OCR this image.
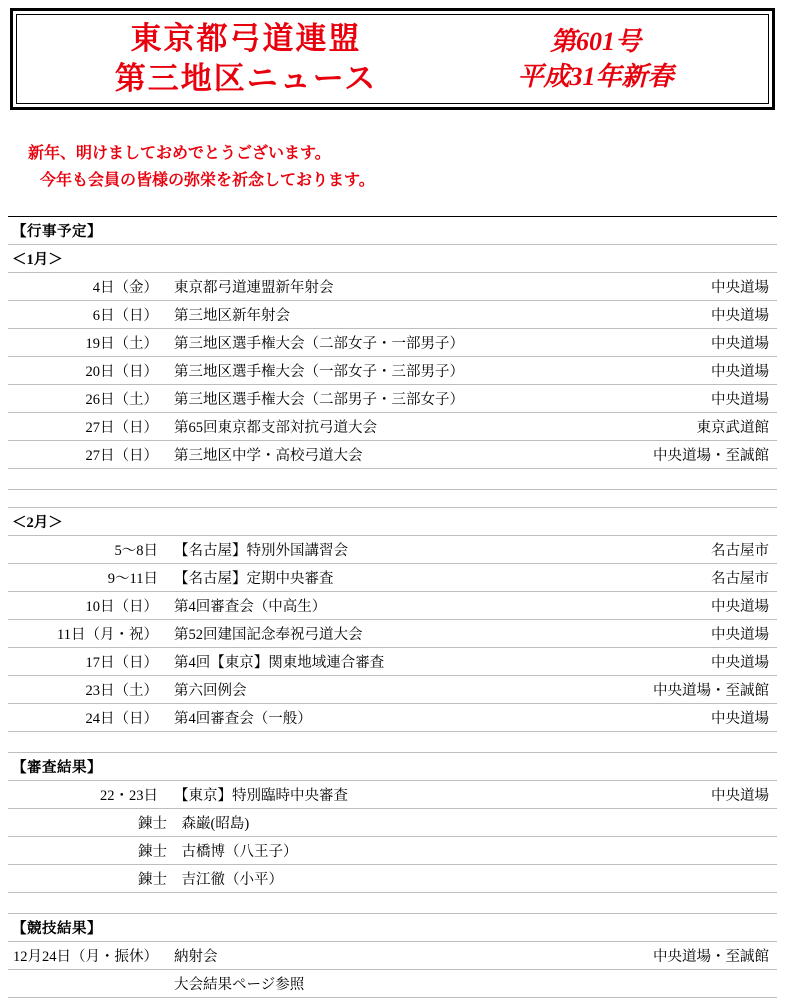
東京都弓道連盟
第三地区ニュース
第601号
平成31年新春
新年、明けましておめでとうございます。
今年も会員の皆様の弥栄を祈念しております。
【行事予定】
＜1月＞
4日（金）	東京都弓道連盟新年射会	中央道場
6日（日）	第三地区新年射会	中央道場
19日（土）	第三地区選手権大会（二部女子・一部男子）	中央道場
20日（日）	第三地区選手権大会（一部女子・三部男子）	中央道場
26日（土）	第三地区選手権大会（二部男子・三部女子）	中央道場
27日（日）	第65回東京都支部対抗弓道大会	東京武道館
27日（日）	第三地区中学・高校弓道大会	中央道場・至誠館
＜2月＞
5〜8日	【名古屋】特別外国講習会	名古屋市
9〜11日	【名古屋】定期中央審査	名古屋市
10日（日）	第4回審査会（中高生）	中央道場
11日（月・祝）	第52回建国記念奉祝弓道大会	中央道場
17日（日）	第4回【東京】関東地域連合審査	中央道場
23日（土）	第六回例会	中央道場・至誠館
24日（日）	第4回審査会（一般）	中央道場
【審査結果】
22・23日	【東京】特別臨時中央審査	中央道場
錬士　森巌(昭島)
錬士　古橋博（八王子）
錬士　吉江徹（小平）
【競技結果】
12月24日（月・振休）	納射会	中央道場・至誠館
大会結果ページ参照
